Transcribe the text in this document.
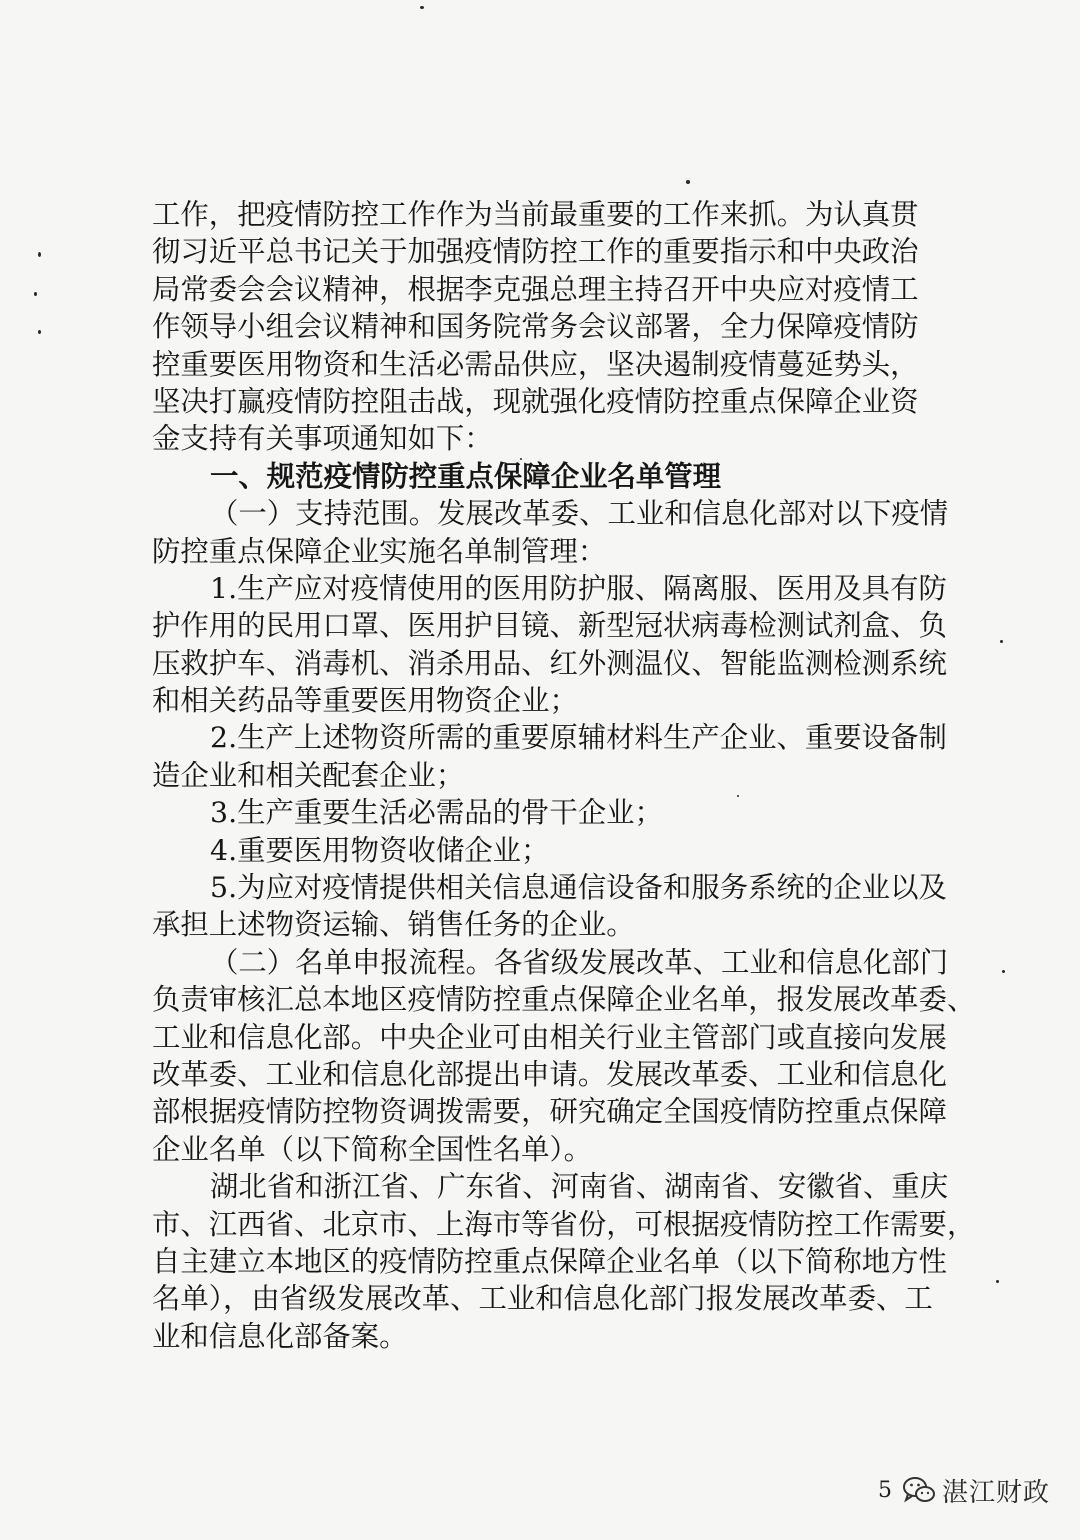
工作，把疫情防控工作作为当前最重要的工作来抓。为认真贯
彻习近平总书记关于加强疫情防控工作的重要指示和中央政治
局常委会会议精神，根据李克强总理主持召开中央应对疫情工
作领导小组会议精神和国务院常务会议部署，全力保障疫情防
控重要医用物资和生活必需品供应，坚决遏制疫情蔓延势头，
坚决打赢疫情防控阻击战，现就强化疫情防控重点保障企业资
金支持有关事项通知如下：
一、规范疫情防控重点保障企业名单管理
（一）支持范围。发展改革委、工业和信息化部对以下疫情
防控重点保障企业实施名单制管理：
1.生产应对疫情使用的医用防护服、隔离服、医用及具有防
护作用的民用口罩、医用护目镜、新型冠状病毒检测试剂盒、负
压救护车、消毒机、消杀用品、红外测温仪、智能监测检测系统
和相关药品等重要医用物资企业；
2.生产上述物资所需的重要原辅材料生产企业、重要设备制
造企业和相关配套企业；
3.生产重要生活必需品的骨干企业；
4.重要医用物资收储企业；
5.为应对疫情提供相关信息通信设备和服务系统的企业以及
承担上述物资运输、销售任务的企业。
（二）名单申报流程。各省级发展改革、工业和信息化部门
负责审核汇总本地区疫情防控重点保障企业名单，报发展改革委、
工业和信息化部。中央企业可由相关行业主管部门或直接向发展
改革委、工业和信息化部提出申请。发展改革委、工业和信息化
部根据疫情防控物资调拨需要，研究确定全国疫情防控重点保障
企业名单（以下简称全国性名单）。
湖北省和浙江省、广东省、河南省、湖南省、安徽省、重庆
市、江西省、北京市、上海市等省份，可根据疫情防控工作需要，
自主建立本地区的疫情防控重点保障企业名单（以下简称地方性
名单），由省级发展改革、工业和信息化部门报发展改革委、工
业和信息化部备案。
5 湛江财政
